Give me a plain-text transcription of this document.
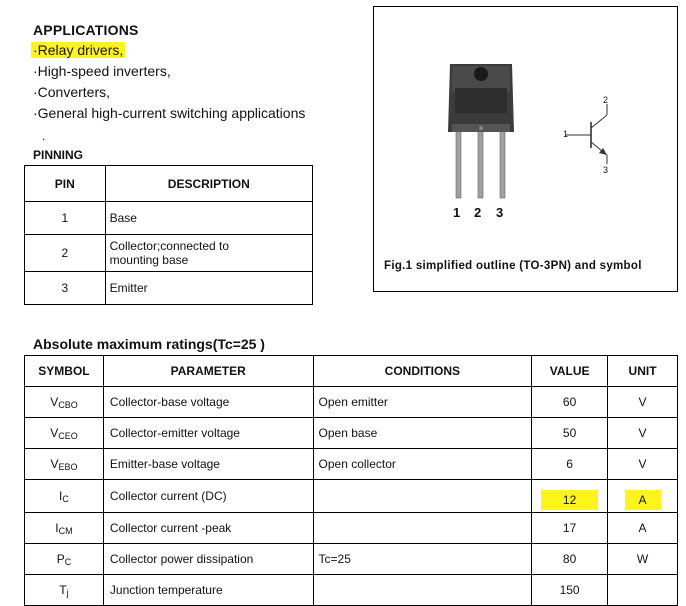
APPLICATIONS
·Relay drivers,
·High-speed inverters,
·Converters,
·General high-current switching applications
.
PINNING
PIN	DESCRIPTION
1	Base
2	Collector;connected to
mounting base

3	Emitter
1 2 3
1
2
3
Fig.1 simplified outline (TO-3PN) and symbol
Absolute maximum ratings(Tc=25 )
SYMBOL	PARAMETER	CONDITIONS	VALUE	UNIT
$V_{CBO}$	Collector-base voltage	Open emitter	60	V
$V_{CEO}$	Collector-emitter voltage	Open base	50	V
$V_{EBO}$	Emitter-base voltage	Open collector	6	V
$I_C$	Collector current (DC)		12	A
$I_{CM}$	Collector current -peak		17	A
$P_C$	Collector power dissipation	Tc=25	80	W
$T_j$	Junction temperature		150	
